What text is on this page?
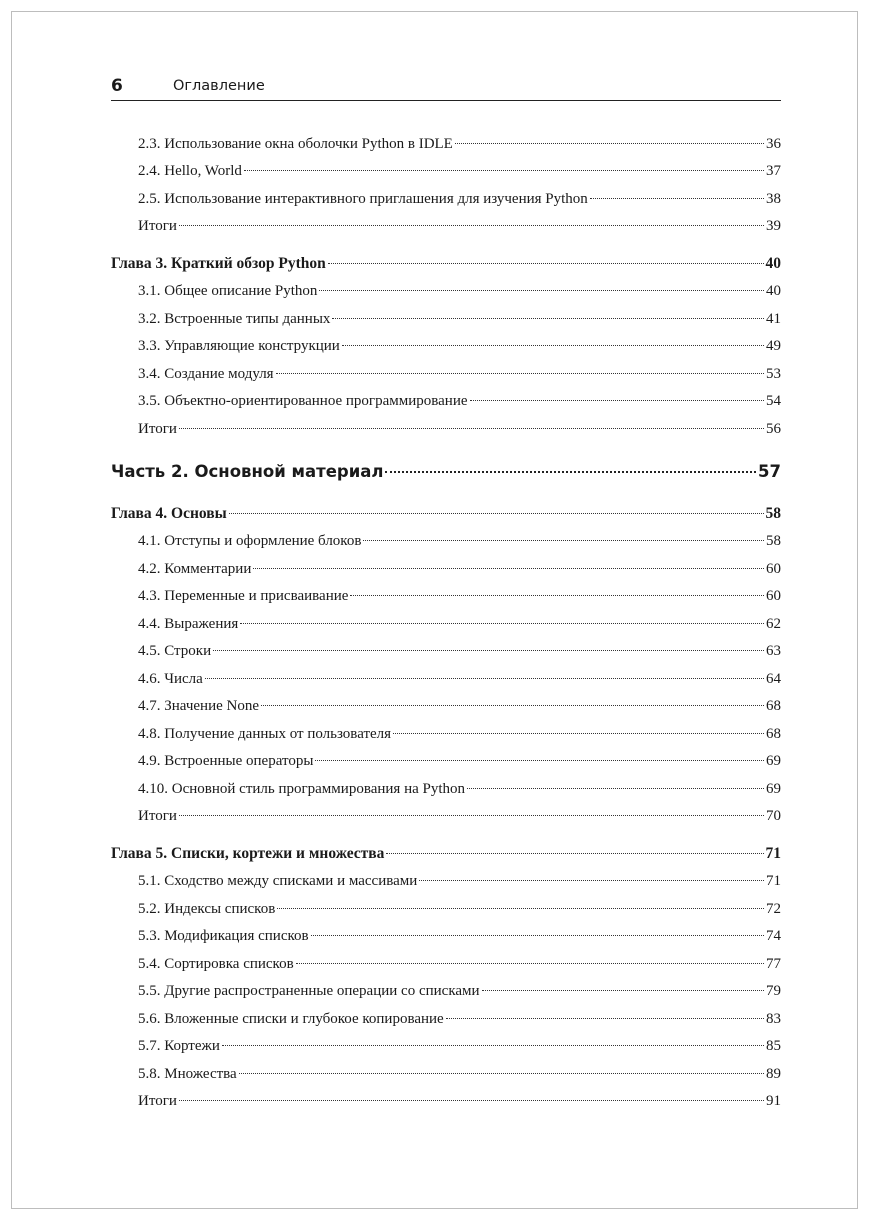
6	Оглавление
2.3. Использование окна оболочки Python в IDLE	36
2.4. Hello, World	37
2.5. Использование интерактивного приглашения для изучения Python	38
Итоги	39
Глава 3. Краткий обзор Python	40
3.1. Общее описание Python	40
3.2. Встроенные типы данных	41
3.3. Управляющие конструкции	49
3.4. Создание модуля	53
3.5. Объектно-ориентированное программирование	54
Итоги	56
Часть 2. Основной материал	57
Глава 4. Основы	58
4.1. Отступы и оформление блоков	58
4.2. Комментарии	60
4.3. Переменные и присваивание	60
4.4. Выражения	62
4.5. Строки	63
4.6. Числа	64
4.7. Значение None	68
4.8. Получение данных от пользователя	68
4.9. Встроенные операторы	69
4.10. Основной стиль программирования на Python	69
Итоги	70
Глава 5. Списки, кортежи и множества	71
5.1. Сходство между списками и массивами	71
5.2. Индексы списков	72
5.3. Модификация списков	74
5.4. Сортировка списков	77
5.5. Другие распространенные операции со списками	79
5.6. Вложенные списки и глубокое копирование	83
5.7. Кортежи	85
5.8. Множества	89
Итоги	91
